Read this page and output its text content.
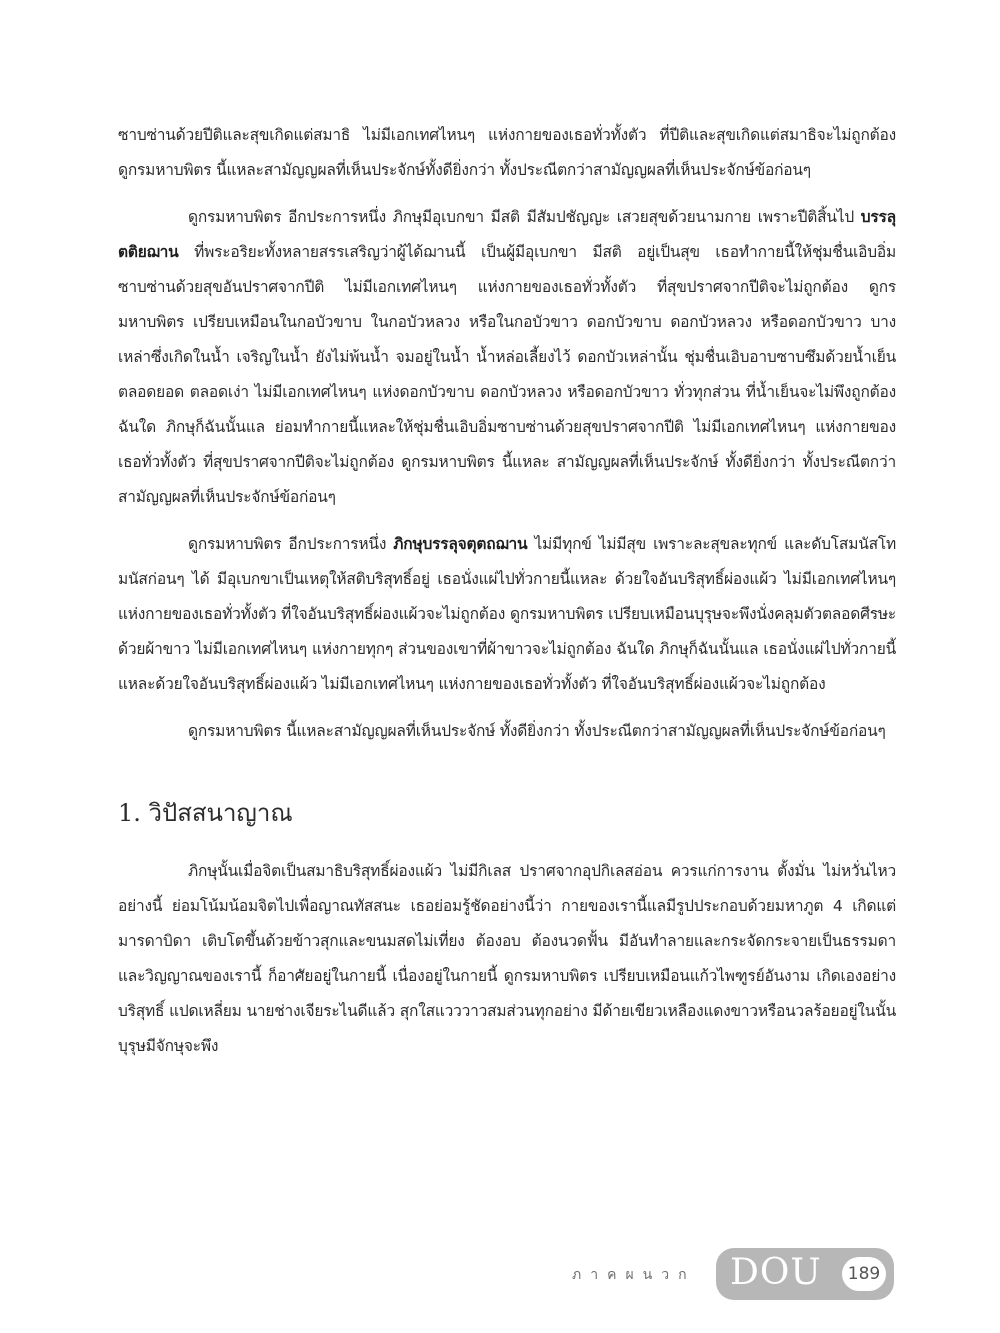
ซาบซ่านด้วยปีติและสุขเกิดแต่สมาธิ ไม่มีเอกเทศไหนๆ แห่งกายของเธอทั่วทั้งตัว ที่ปีติและสุขเกิดแต่สมาธิจะไม่ถูกต้อง ดูกรมหาบพิตร นี้แหละสามัญญผลที่เห็นประจักษ์ทั้งดียิ่งกว่า ทั้งประณีตกว่าสามัญญผลที่เห็นประจักษ์ข้อก่อนๆ

ดูกรมหาบพิตร อีกประการหนึ่ง ภิกษุมีอุเบกขา มีสติ มีสัมปชัญญะ เสวยสุขด้วยนามกาย เพราะปีติสิ้นไป บรรลุตติยฌาน ที่พระอริยะทั้งหลายสรรเสริญว่าผู้ได้ฌานนี้ เป็นผู้มีอุเบกขา มีสติ อยู่เป็นสุข เธอทำกายนี้ให้ชุ่มชื่นเอิบอิ่มซาบซ่านด้วยสุขอันปราศจากปีติ ไม่มีเอกเทศไหนๆ แห่งกายของเธอทั่วทั้งตัว ที่สุขปราศจากปีติจะไม่ถูกต้อง ดูกรมหาบพิตร เปรียบเหมือนในกอบัวขาบ ในกอบัวหลวง หรือในกอบัวขาว ดอกบัวขาบ ดอกบัวหลวง หรือดอกบัวขาว บางเหล่าซึ่งเกิดในน้ำ เจริญในน้ำ ยังไม่พ้นน้ำ จมอยู่ในน้ำ น้ำหล่อเลี้ยงไว้ ดอกบัวเหล่านั้น ชุ่มชื่นเอิบอาบซาบซึมด้วยน้ำเย็นตลอดยอด ตลอดเง่า ไม่มีเอกเทศไหนๆ แห่งดอกบัวขาบ ดอกบัวหลวง หรือดอกบัวขาว ทั่วทุกส่วน ที่น้ำเย็นจะไม่พึงถูกต้อง ฉันใด ภิกษุก็ฉันนั้นแล ย่อมทำกายนี้แหละให้ชุ่มชื่นเอิบอิ่มซาบซ่านด้วยสุขปราศจากปีติ ไม่มีเอกเทศไหนๆ แห่งกายของเธอทั่วทั้งตัว ที่สุขปราศจากปีติจะไม่ถูกต้อง ดูกรมหาบพิตร นี้แหละ สามัญญผลที่เห็นประจักษ์ ทั้งดียิ่งกว่า ทั้งประณีตกว่าสามัญญผลที่เห็นประจักษ์ข้อก่อนๆ

ดูกรมหาบพิตร อีกประการหนึ่ง ภิกษุบรรลุจตุตถฌาน ไม่มีทุกข์ ไม่มีสุข เพราะละสุขละทุกข์ และดับโสมนัสโทมนัสก่อนๆ ได้ มีอุเบกขาเป็นเหตุให้สติบริสุทธิ์อยู่ เธอนั่งแผ่ไปทั่วกายนี้แหละ ด้วยใจอันบริสุทธิ์ผ่องแผ้ว ไม่มีเอกเทศไหนๆ แห่งกายของเธอทั่วทั้งตัว ที่ใจอันบริสุทธิ์ผ่องแผ้วจะไม่ถูกต้อง ดูกรมหาบพิตร เปรียบเหมือนบุรุษจะพึงนั่งคลุมตัวตลอดศีรษะด้วยผ้าขาว ไม่มีเอกเทศไหนๆ แห่งกายทุกๆ ส่วนของเขาที่ผ้าขาวจะไม่ถูกต้อง ฉันใด ภิกษุก็ฉันนั้นแล เธอนั่งแผ่ไปทั่วกายนี้แหละด้วยใจอันบริสุทธิ์ผ่องแผ้ว ไม่มีเอกเทศไหนๆ แห่งกายของเธอทั่วทั้งตัว ที่ใจอันบริสุทธิ์ผ่องแผ้วจะไม่ถูกต้อง

ดูกรมหาบพิตร นี้แหละสามัญญผลที่เห็นประจักษ์ ทั้งดียิ่งกว่า ทั้งประณีตกว่าสามัญญผลที่เห็นประจักษ์ข้อก่อนๆ

1. วิปัสสนาญาณ

ภิกษุนั้นเมื่อจิตเป็นสมาธิบริสุทธิ์ผ่องแผ้ว ไม่มีกิเลส ปราศจากอุปกิเลสอ่อน ควรแก่การงาน ตั้งมั่น ไม่หวั่นไหวอย่างนี้ ย่อมโน้มน้อมจิตไปเพื่อญาณทัสสนะ เธอย่อมรู้ชัดอย่างนี้ว่า กายของเรานี้แลมีรูปประกอบด้วยมหาภูต 4 เกิดแต่มารดาบิดา เติบโตขึ้นด้วยข้าวสุกและขนมสดไม่เที่ยง ต้องอบ ต้องนวดฟั้น มีอันทำลายและกระจัดกระจายเป็นธรรมดาและวิญญาณของเรานี้ ก็อาศัยอยู่ในกายนี้ เนื่องอยู่ในกายนี้ ดูกรมหาบพิตร เปรียบเหมือนแก้วไพฑูรย์อันงาม เกิดเองอย่างบริสุทธิ์ แปดเหลี่ยม นายช่างเจียระไนดีแล้ว สุกใสแวววาวสมส่วนทุกอย่าง มีด้ายเขียวเหลืองแดงขาวหรือนวลร้อยอยู่ในนั้น บุรุษมีจักษุจะพึง

ภาคผนวก DOU	189
